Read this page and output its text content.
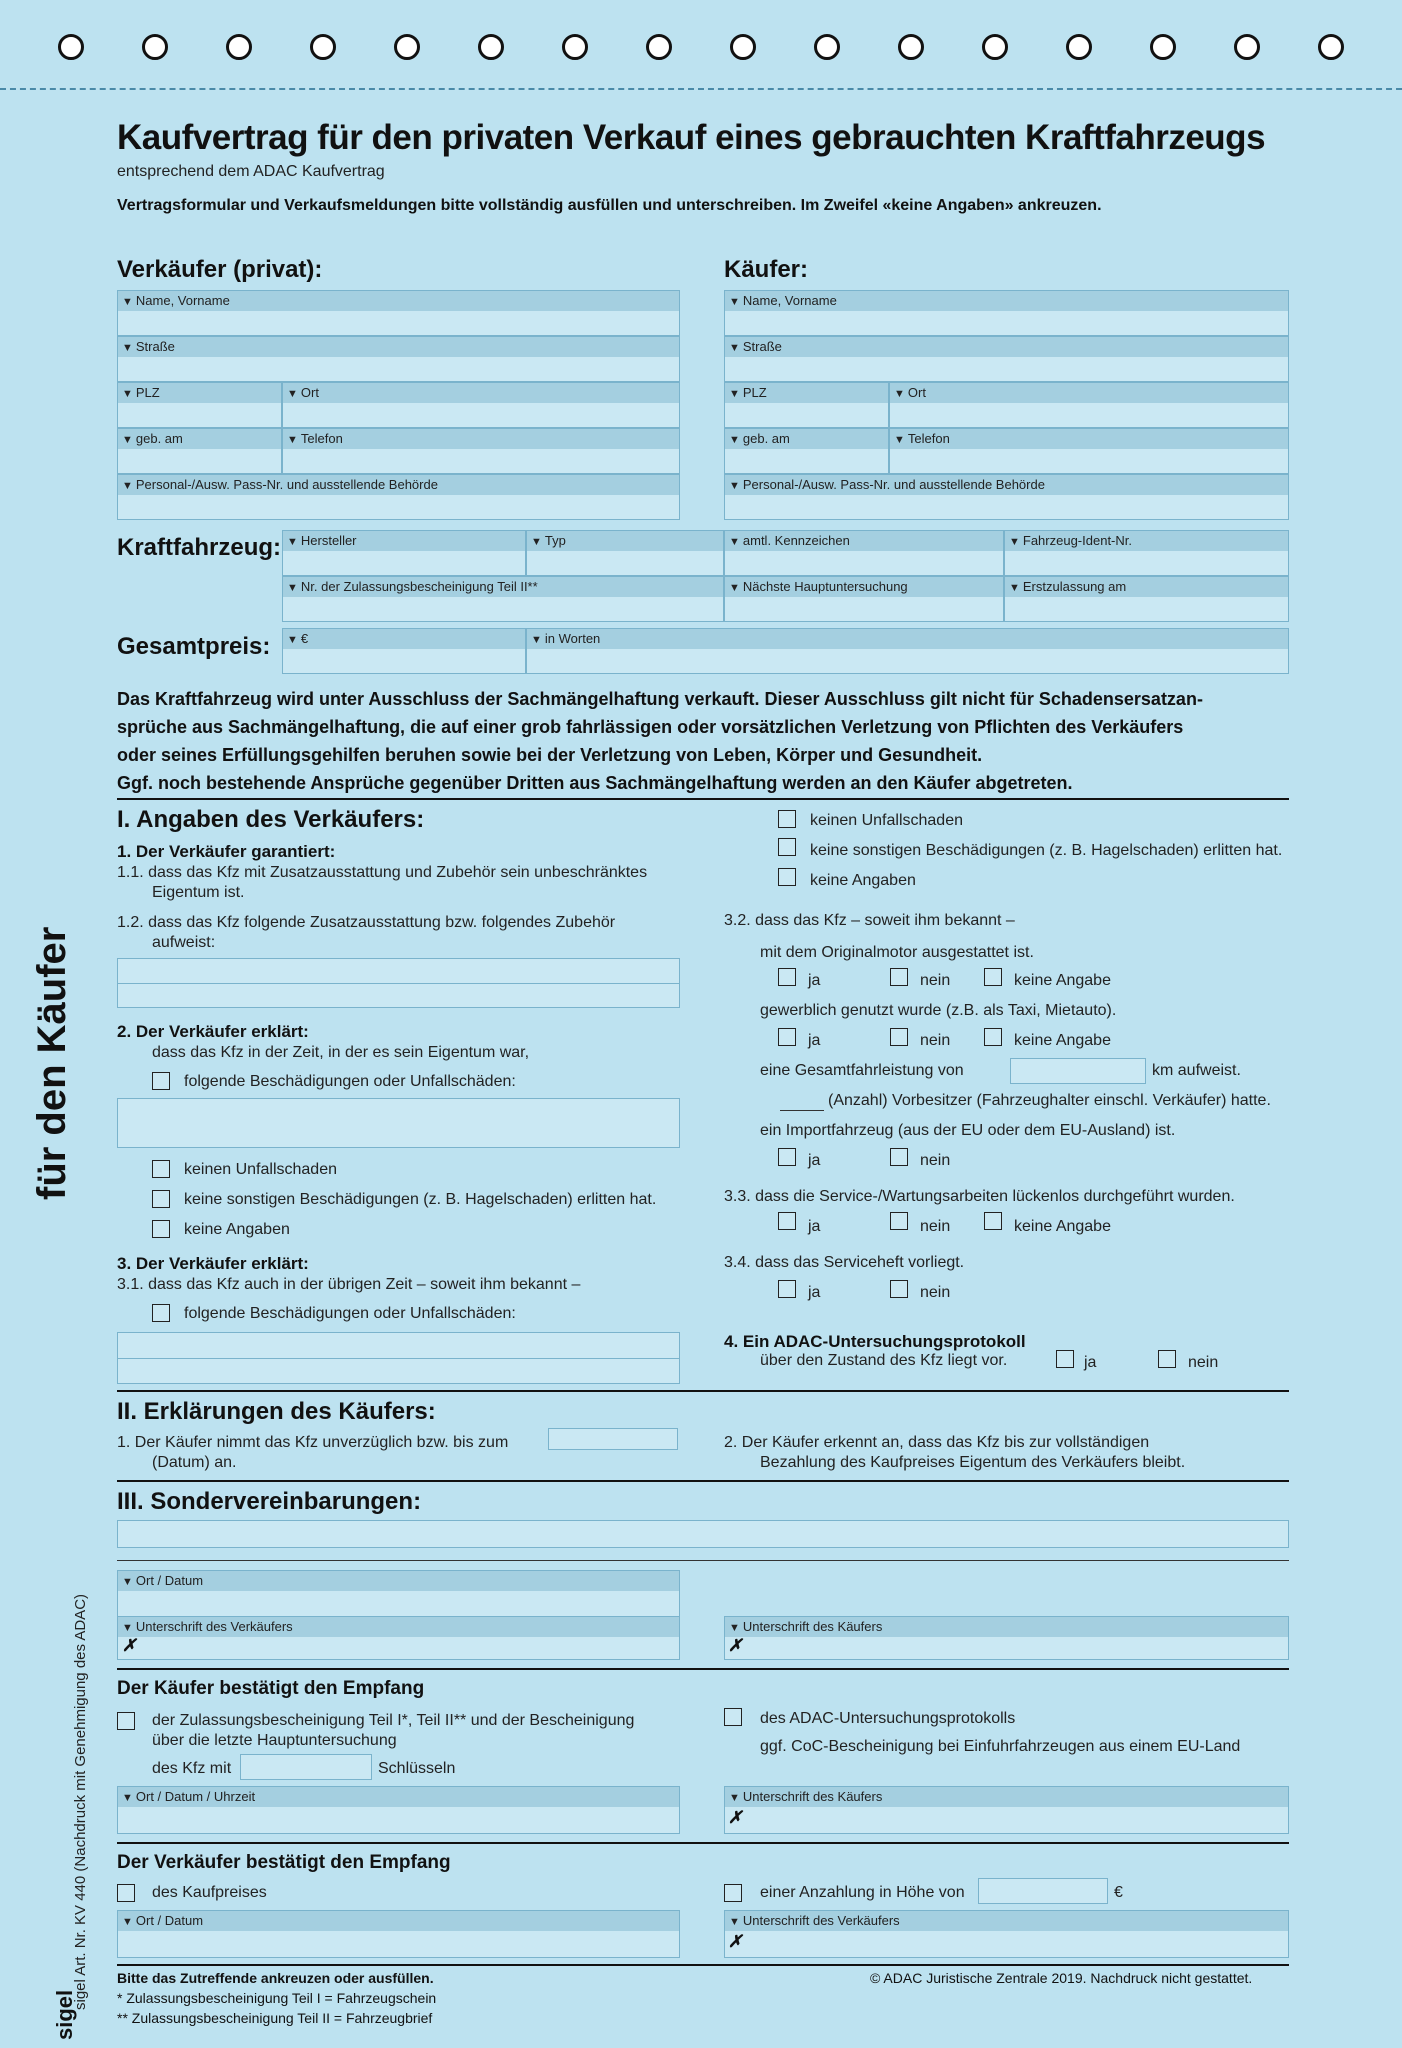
für den Käufer
sigel Art. Nr. KV 440 (Nachdruck mit Genehmigung des ADAC)
sigel
Kaufvertrag für den privaten Verkauf eines gebrauchten Kraftfahrzeugs
entsprechend dem ADAC Kaufvertrag
Vertragsformular und Verkaufsmeldungen bitte vollständig ausfüllen und unterschreiben. Im Zweifel «keine Angaben» ankreuzen.
Verkäufer (privat):
▼ Name, Vorname
▼ Straße
▼ PLZ	▼ Ort
▼ geb. am	▼ Telefon
▼ Personal-/Ausw. Pass-Nr. und ausstellende Behörde
Käufer:
▼ Name, Vorname
▼ Straße
▼ PLZ	▼ Ort
▼ geb. am	▼ Telefon
▼ Personal-/Ausw. Pass-Nr. und ausstellende Behörde
Kraftfahrzeug:	▼ Hersteller	▼ Typ	▼ amtl. Kennzeichen	▼ Fahrzeug-Ident-Nr.
▼ Nr. der Zulassungsbescheinigung Teil II**	▼ Nächste Hauptuntersuchung	▼ Erstzulassung am
Gesamtpreis:	▼ €	▼ in Worten
Das Kraftfahrzeug wird unter Ausschluss der Sachmängelhaftung verkauft. Dieser Ausschluss gilt nicht für Schadensersatzan-
sprüche aus Sachmängelhaftung, die auf einer grob fahrlässigen oder vorsätzlichen Verletzung von Pflichten des Verkäufers
oder seines Erfüllungsgehilfen beruhen sowie bei der Verletzung von Leben, Körper und Gesundheit.
Ggf. noch bestehende Ansprüche gegenüber Dritten aus Sachmängelhaftung werden an den Käufer abgetreten.
I. Angaben des Verkäufers:
1. Der Verkäufer garantiert:
1.1. dass das Kfz mit Zusatzausstattung und Zubehör sein unbeschränktes
Eigentum ist.
1.2. dass das Kfz folgende Zusatzausstattung bzw. folgendes Zubehör
aufweist:
2. Der Verkäufer erklärt:
dass das Kfz in der Zeit, in der es sein Eigentum war,
folgende Beschädigungen oder Unfallschäden:
keinen Unfallschaden
keine sonstigen Beschädigungen (z. B. Hagelschaden) erlitten hat.
keine Angaben
3. Der Verkäufer erklärt:
3.1. dass das Kfz auch in der übrigen Zeit – soweit ihm bekannt –
folgende Beschädigungen oder Unfallschäden:
keinen Unfallschaden
keine sonstigen Beschädigungen (z. B. Hagelschaden) erlitten hat.
keine Angaben
3.2. dass das Kfz – soweit ihm bekannt –
mit dem Originalmotor ausgestattet ist.
ja	nein	keine Angabe
gewerblich genutzt wurde (z.B. als Taxi, Mietauto).
ja	nein	keine Angabe
eine Gesamtfahrleistung von	km aufweist.
(Anzahl) Vorbesitzer (Fahrzeughalter einschl. Verkäufer) hatte.
ein Importfahrzeug (aus der EU oder dem EU-Ausland) ist.
ja	nein
3.3. dass die Service-/Wartungsarbeiten lückenlos durchgeführt wurden.
ja	nein	keine Angabe
3.4. dass das Serviceheft vorliegt.
ja	nein
4. Ein ADAC-Untersuchungsprotokoll
über den Zustand des Kfz liegt vor.	ja	nein
II. Erklärungen des Käufers:
1. Der Käufer nimmt das Kfz unverzüglich bzw. bis zum
(Datum) an.
2. Der Käufer erkennt an, dass das Kfz bis zur vollständigen
Bezahlung des Kaufpreises Eigentum des Verkäufers bleibt.
III. Sondervereinbarungen:
▼ Ort / Datum
▼ Unterschrift des Verkäufers
✗
▼ Unterschrift des Käufers
✗
Der Käufer bestätigt den Empfang
der Zulassungsbescheinigung Teil I*, Teil II** und der Bescheinigung
über die letzte Hauptuntersuchung
des Kfz mit	Schlüsseln
des ADAC-Untersuchungsprotokolls
ggf. CoC-Bescheinigung bei Einfuhrfahrzeugen aus einem EU-Land
▼ Ort / Datum / Uhrzeit	▼ Unterschrift des Käufers
✗
Der Verkäufer bestätigt den Empfang
des Kaufpreises	einer Anzahlung in Höhe von	€
▼ Ort / Datum	▼ Unterschrift des Verkäufers
✗
Bitte das Zutreffende ankreuzen oder ausfüllen.
* Zulassungsbescheinigung Teil I = Fahrzeugschein
** Zulassungsbescheinigung Teil II = Fahrzeugbrief
© ADAC Juristische Zentrale 2019. Nachdruck nicht gestattet.
